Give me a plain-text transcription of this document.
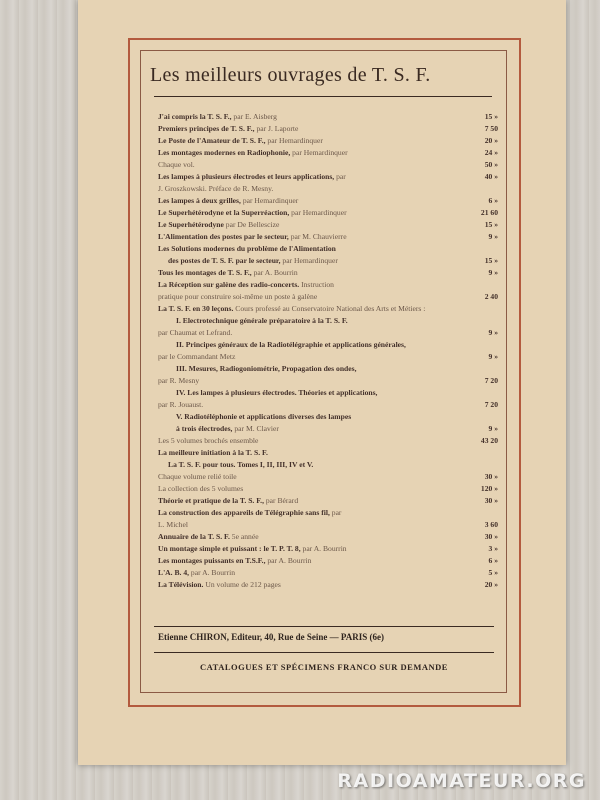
Les meilleurs ouvrages de T. S. F.
J'ai compris la T. S. F., par E. Aisberg	15 »
Premiers principes de T. S. F., par J. Laporte	7 50
Le Poste de l'Amateur de T. S. F., par Hemardinquer	20 »
Les montages modernes en Radiophonie, par Hemardinquer	24 »
Chaque vol.	50 »
Les lampes à plusieurs électrodes et leurs applications, par	40 »
J. Groszkowski. Préface de R. Mesny.
Les lampes à deux grilles, par Hemardinquer	6 »
Le Superhétérodyne et la Superréaction, par Hemardinquer	21 60
Le Superhétérodyne par De Bellescize	15 »
L'Alimentation des postes par le secteur, par M. Chauvierre	9 »
Les Solutions modernes du problème de l'Alimentation
des postes de T. S. F. par le secteur, par Hemardinquer	15 »
Tous les montages de T. S. F., par A. Bourrin	9 »
La Réception sur galène des radio-concerts. Instruction
pratique pour construire soi-même un poste à galène	2 40
La T. S. F. en 30 leçons. Cours professé au Conservatoire National des Arts et Métiers :
I. Electrotechnique générale préparatoire à la T. S. F.
par Chaumat et Lefrand.	9 »
II. Principes généraux de la Radiotélégraphie et applications générales,
par le Commandant Metz	9 »
III. Mesures, Radiogoniométrie, Propagation des ondes,
par R. Mesny	7 20
IV. Les lampes à plusieurs électrodes. Théories et applications,
par R. Jouaust.	7 20
V. Radiotéléphonie et applications diverses des lampes
à trois électrodes, par M. Clavier	9 »
Les 5 volumes brochés ensemble	43 20
La meilleure initiation à la T. S. F.
La T. S. F. pour tous. Tomes I, II, III, IV et V.
Chaque volume relié toile	30 »
La collection des 5 volumes	120 »
Théorie et pratique de la T. S. F., par Bérard	30 »
La construction des appareils de Télégraphie sans fil, par
L. Michel	3 60
Annuaire de la T. S. F. 5e année	30 »
Un montage simple et puissant : le T. P. T. 8, par A. Bourrin	3 »
Les montages puissants en T.S.F., par A. Bourrin	6 »
L'A. B. 4, par A. Bourrin	5 »
La Télévision. Un volume de 212 pages	20 »
Etienne CHIRON, Editeur, 40, Rue de Seine — PARIS (6e)
CATALOGUES ET SPÉCIMENS FRANCO SUR DEMANDE
RADIOAMATEUR.ORG
